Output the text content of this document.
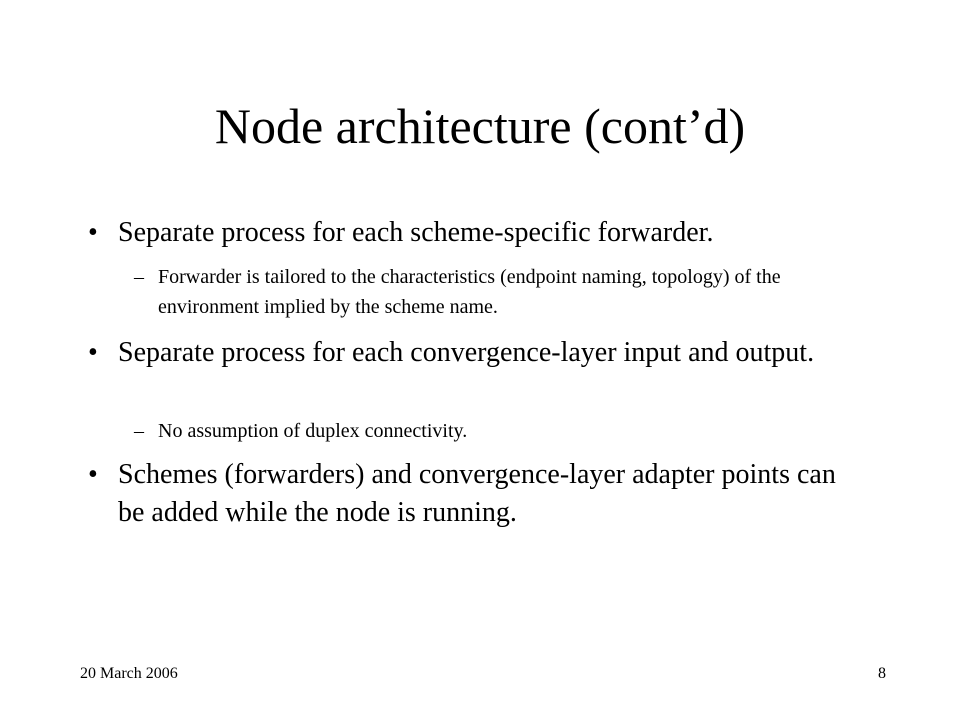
Node architecture (cont’d)
• Separate process for each scheme-specific forwarder.
– Forwarder is tailored to the characteristics (endpoint naming, topology) of the environment implied by the scheme name.
• Separate process for each convergence-layer input and output.
– No assumption of duplex connectivity.
• Schemes (forwarders) and convergence-layer adapter points can be added while the node is running.
20 March 2006	8
